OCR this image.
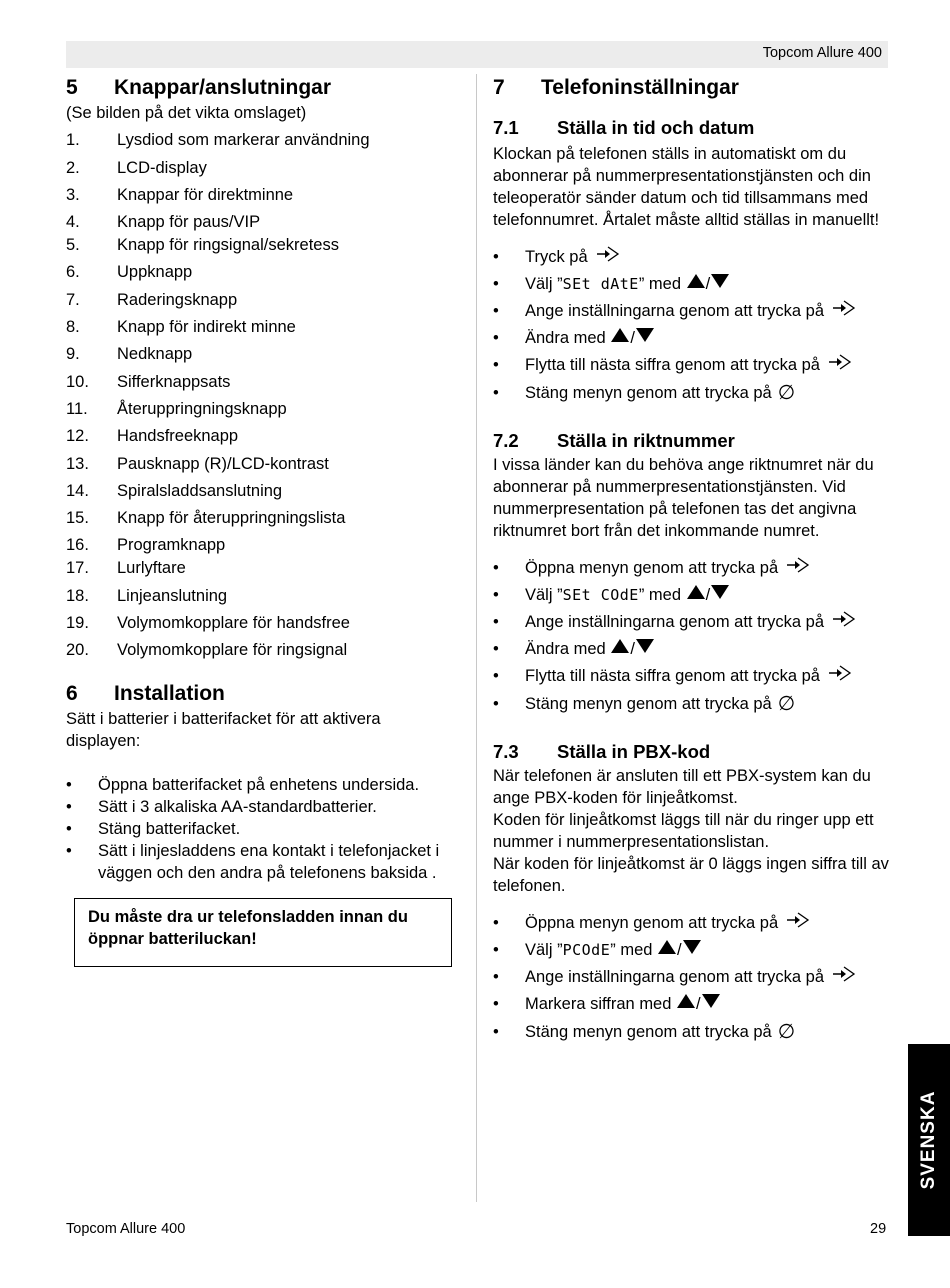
Topcom Allure 400
5	Knappar/anslutningar

(Se bilden på det vikta omslaget)

1.	Lysdiod som markerar användning
2.	LCD-display
3.	Knappar för direktminne
4.	Knapp för paus/VIP
5.	Knapp för ringsignal/sekretess
6.	Uppknapp
7.	Raderingsknapp
8.	Knapp för indirekt minne
9.	Nedknapp
10.	Sifferknappsats
11.	Återuppringningsknapp
12.	Handsfreeknapp
13.	Pausknapp (R)/LCD-kontrast
14.	Spiralsladdsanslutning
15.	Knapp för återuppringningslista
16.	Programknapp
17.	Lurlyftare
18.	Linjeanslutning
19.	Volymomkopplare för handsfree
20.	Volymomkopplare för ringsignal
6	Installation

Sätt i batterier i batterifacket för att aktivera displayen:

•	Öppna batterifacket på enhetens undersida.
•	Sätt i 3 alkaliska AA-standardbatterier.
•	Stäng batterifacket.
•	Sätt i linjesladdens ena kontakt i telefonjacket i väggen och den andra på telefonens baksida .
Du måste dra ur telefonsladden innan du öppnar batteriluckan!
7	Telefoninställningar
7.1	Ställa in tid och datum

Klockan på telefonen ställs in automatiskt om du abonnerar på nummerpresentationstjänsten och din teleoperatör sänder datum och tid tillsammans med telefonnumret. Årtalet måste alltid ställas in manuellt!

•	Tryck på
•	Välj ” SEt dAtE ” med
/
•	Ange inställningarna genom att trycka på
•	Ändra med
/
•	Flytta till nästa siffra genom att trycka på
•	Stäng menyn genom att trycka på ∅
7.2	Ställa in riktnummer

I vissa länder kan du behöva ange riktnumret när du abonnerar på nummerpresentationstjänsten. Vid nummerpresentation på telefonen tas det angivna riktnumret bort från det inkommande numret.

•	Öppna menyn genom att trycka på
•	Välj ” SEt COdE ” med
/
•	Ange inställningarna genom att trycka på
•	Ändra med
/
•	Flytta till nästa siffra genom att trycka på
•	Stäng menyn genom att trycka på ∅
7.3	Ställa in PBX-kod

När telefonen är ansluten till ett PBX-system kan du ange PBX-koden för linjeåtkomst.

Koden för linjeåtkomst läggs till när du ringer upp ett nummer i nummerpresentationslistan.

När koden för linjeåtkomst är 0 läggs ingen siffra till av telefonen.

•	Öppna menyn genom att trycka på
•	Välj ” PCOdE ” med
/
•	Ange inställningarna genom att trycka på
•	Markera siffran med
/
•	Stäng menyn genom att trycka på ∅
Topcom Allure 400	29
SVENSKA
